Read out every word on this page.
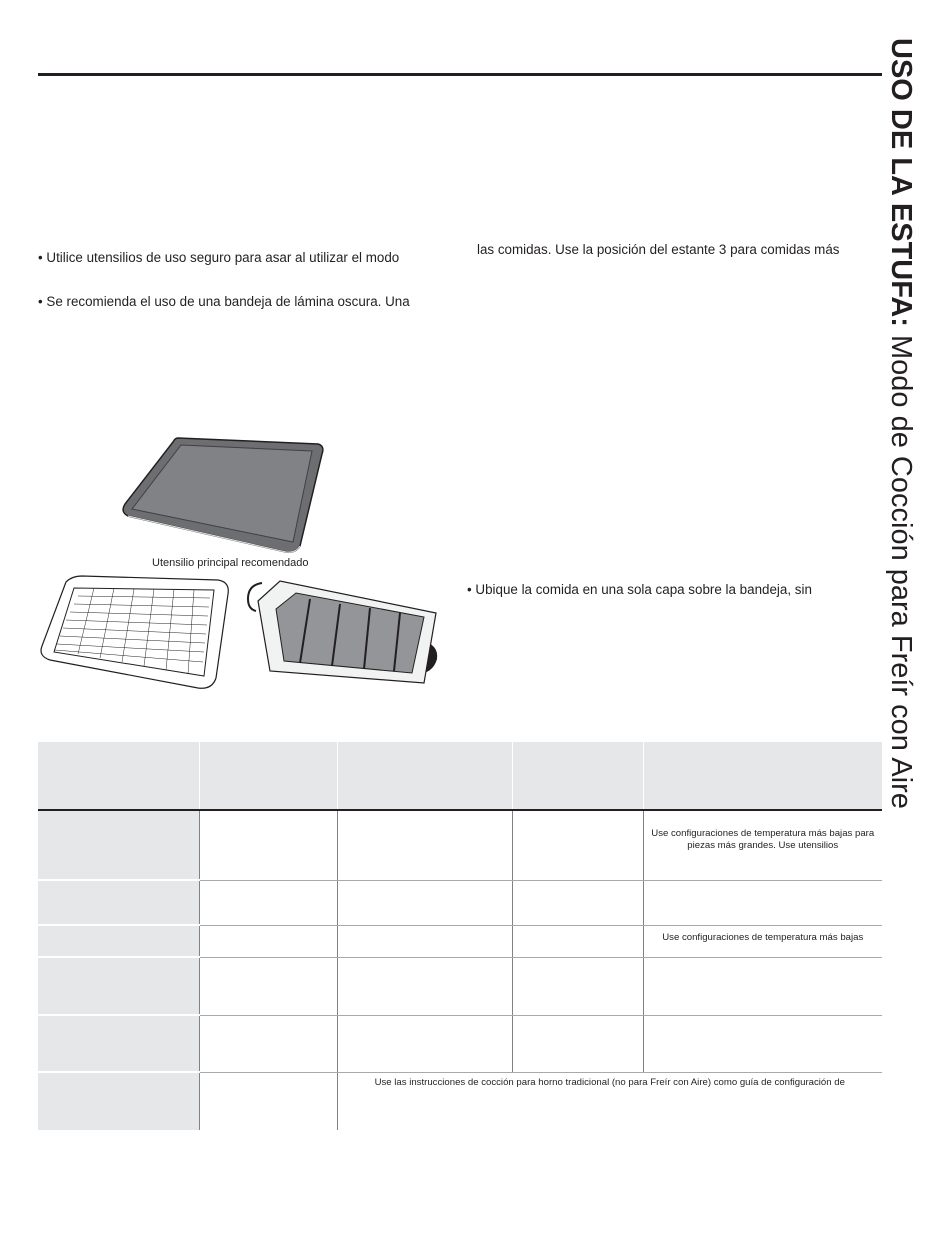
USO DE LA ESTUFA: Modo de Cocción para Freír con Aire
• Utilice utensilios de uso seguro para asar al utilizar el modo
• Se recomienda el uso de una bandeja de lámina oscura. Una
las comidas. Use la posición del estante 3 para comidas más
• Ubique la comida en una sola capa sobre la bandeja, sin
Utensilio principal recomendado

				Use configuraciones de temperatura más bajas para piezas más grandes. Use utensilios

				Use configuraciones de temperatura más bajas

		Use las instrucciones de cocción para horno tradicional (no para Freír con Aire) como guía de configuración de		
